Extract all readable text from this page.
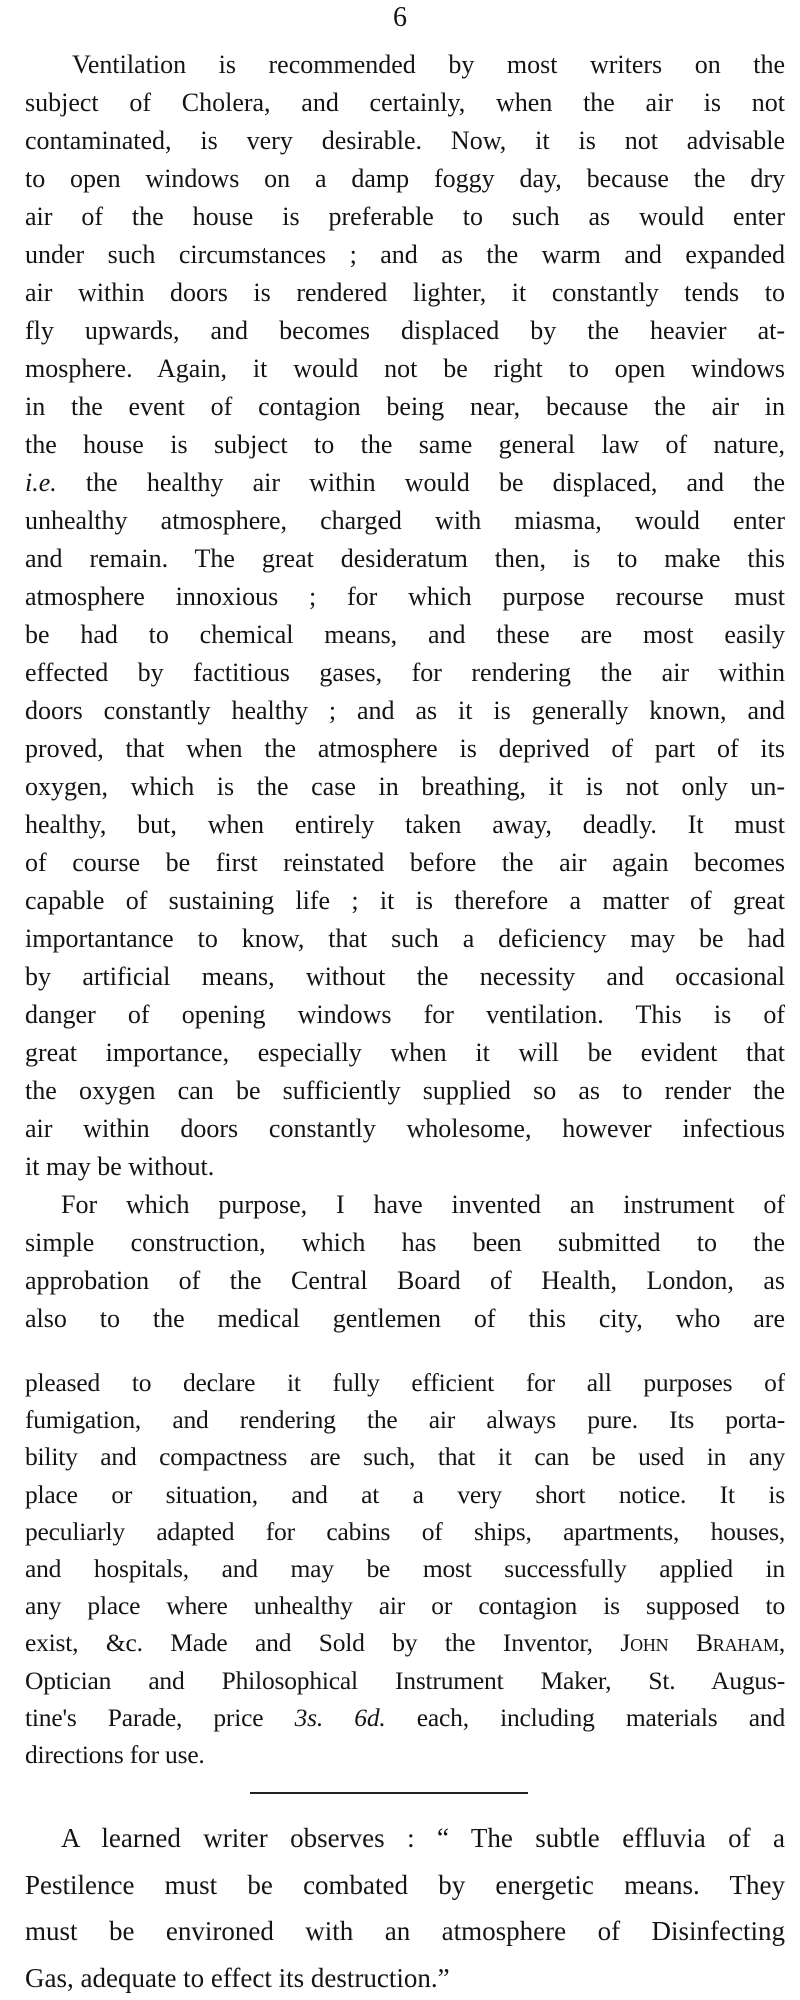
6
Ventilation is recommended by most writers on the
subject of Cholera, and certainly, when the air is not
contaminated, is very desirable. Now, it is not advisable
to open windows on a damp foggy day, because the dry
air of the house is preferable to such as would enter
under such circumstances ; and as the warm and expanded
air within doors is rendered lighter, it constantly tends to
fly upwards, and becomes displaced by the heavier at-
mosphere. Again, it would not be right to open windows
in the event of contagion being near, because the air in
the house is subject to the same general law of nature,
i.e. the healthy air within would be displaced, and the
unhealthy atmosphere, charged with miasma, would enter
and remain. The great desideratum then, is to make this
atmosphere innoxious ; for which purpose recourse must
be had to chemical means, and these are most easily
effected by factitious gases, for rendering the air within
doors constantly healthy ; and as it is generally known, and
proved, that when the atmosphere is deprived of part of its
oxygen, which is the case in breathing, it is not only un-
healthy, but, when entirely taken away, deadly. It must
of course be first reinstated before the air again becomes
capable of sustaining life ; it is therefore a matter of great
importantance to know, that such a deficiency may be had
by artificial means, without the necessity and occasional
danger of opening windows for ventilation. This is of
great importance, especially when it will be evident that
the oxygen can be sufficiently supplied so as to render the
air within doors constantly wholesome, however infectious
it may be without.
For which purpose, I have invented an instrument of
simple construction, which has been submitted to the
approbation of the Central Board of Health, London, as
also to the medical gentlemen of this city, who are
pleased to declare it fully efficient for all purposes of
fumigation, and rendering the air always pure. Its porta-
bility and compactness are such, that it can be used in any
place or situation, and at a very short notice. It is
peculiarly adapted for cabins of ships, apartments, houses,
and hospitals, and may be most successfully applied in
any place where unhealthy air or contagion is supposed to
exist, &c. Made and Sold by the Inventor, John Braham,
Optician and Philosophical Instrument Maker, St. Augus-
tine's Parade, price 3s. 6d. each, including materials and
directions for use.
A learned writer observes : “ The subtle effluvia of a
Pestilence must be combated by energetic means. They
must be environed with an atmosphere of Disinfecting
Gas, adequate to effect its destruction.”
